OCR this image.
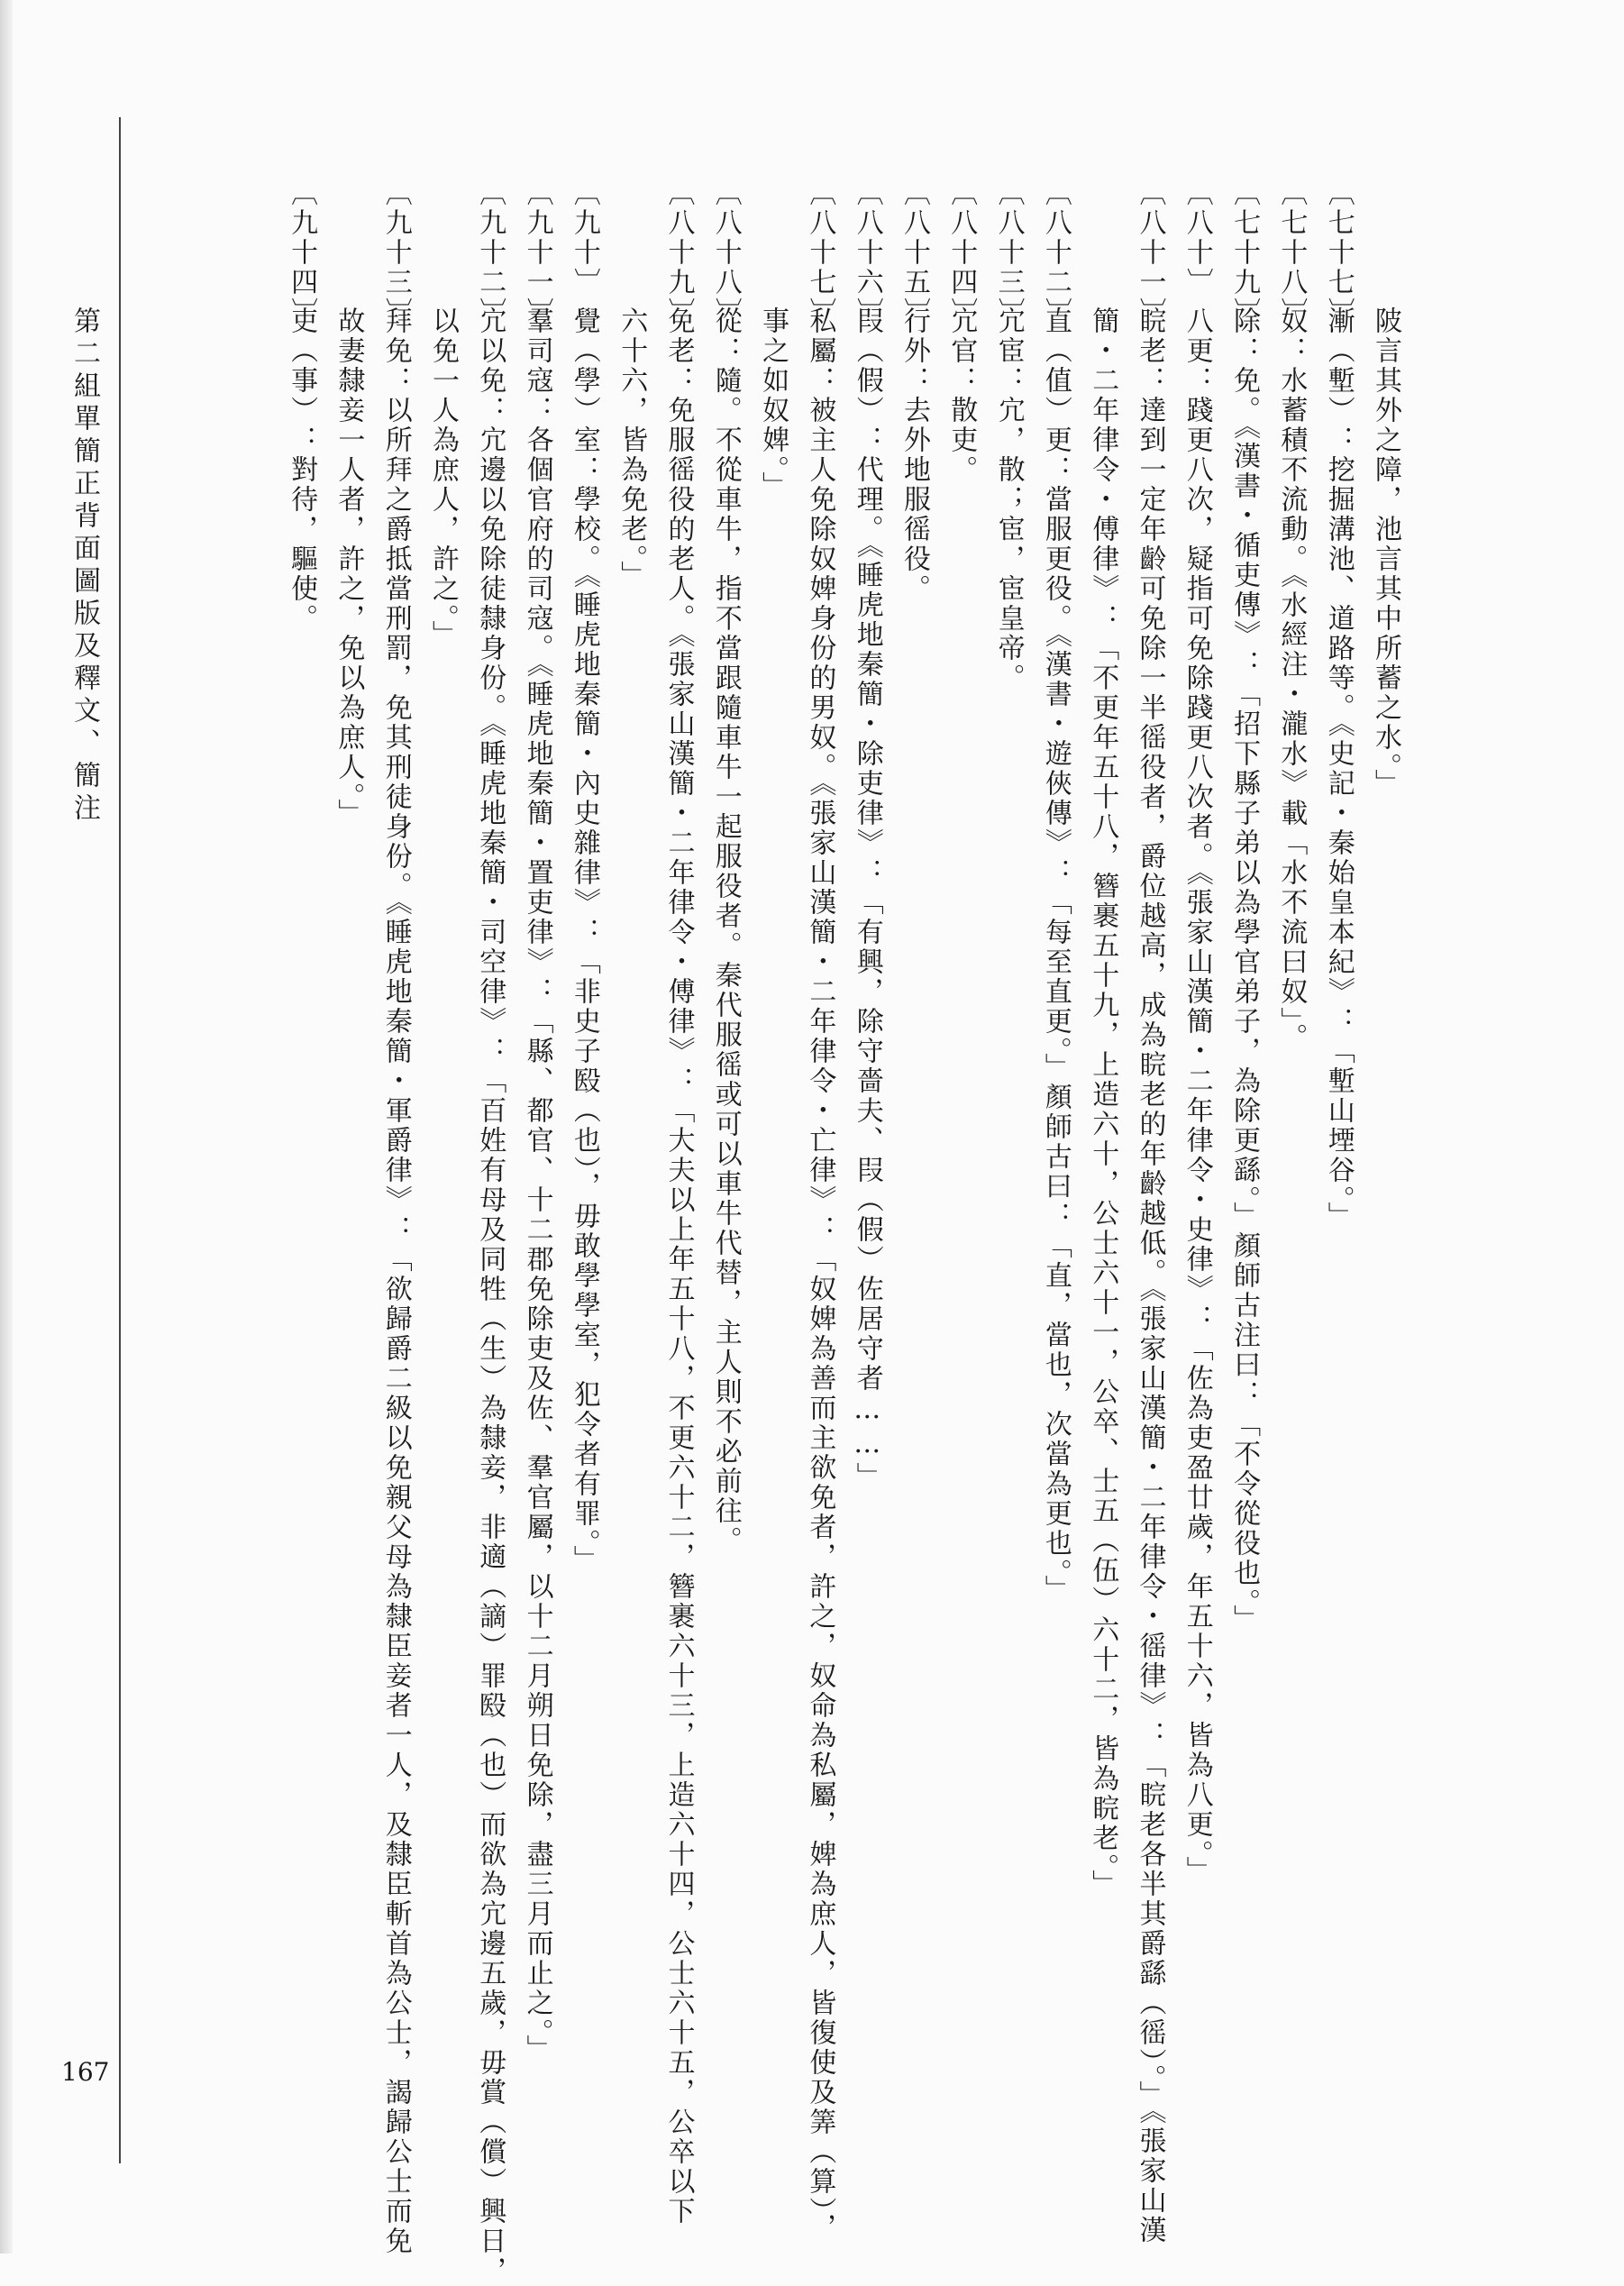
第二組單簡正背面圖版及釋文、簡注
167
陂言其外之障，池言其中所蓄之水。」
〔七十七〕
漸（塹）：挖掘溝池、道路等。《史記・秦始皇本紀》：「塹山堙谷。」
〔七十八〕
奴：水蓄積不流動。《水經注・瀧水》載「水不流曰奴」。
〔七十九〕
除：免。《漢書・循吏傳》：「招下縣子弟以為學官弟子，為除更繇。」顏師古注曰：「不令從役也。」
〔八十〕
八更：踐更八次，疑指可免除踐更八次者。《張家山漢簡・二年律令・史律》：「佐為吏盈廿歲，年五十六，皆為八更。」
〔八十一〕
睆老：達到一定年齡可免除一半徭役者，爵位越高，成為睆老的年齡越低。《張家山漢簡・二年律令・徭律》：「睆老各半其爵繇（徭）。」《張家山漢
簡・二年律令・傅律》：「不更年五十八，簪裹五十九，上造六十，公士六十一，公卒、士五（伍）六十二，皆為睆老。」
〔八十二〕
直（值）更：當服更役。《漢書・遊俠傳》：「每至直更。」顏師古曰：「直，當也，次當為更也。」
〔八十三〕
宂宦：宂，散；宦，宦皇帝。
〔八十四〕
宂官：散吏。
〔八十五〕
行外：去外地服徭役。
〔八十六〕
叚（假）：代理。《睡虎地秦簡・除吏律》：「有興，除守嗇夫、叚（假）佐居守者……」
〔八十七〕
私屬：被主人免除奴婢身份的男奴。《張家山漢簡・二年律令・亡律》：「奴婢為善而主欲免者，許之，奴命為私屬，婢為庶人，皆復使及筭（算），
事之如奴婢。」
〔八十八〕
從：隨。不從車牛，指不當跟隨車牛一起服役者。秦代服徭或可以車牛代替，主人則不必前往。
〔八十九〕
免老：免服徭役的老人。《張家山漢簡・二年律令・傅律》：「大夫以上年五十八，不更六十二，簪裹六十三，上造六十四，公士六十五，公卒以下
六十六，皆為免老。」
〔九十〕
覺（學）室：學校。《睡虎地秦簡・內史雜律》：「非史子殹（也），毋敢學學室，犯令者有罪。」
〔九十一〕
羣司寇：各個官府的司寇。《睡虎地秦簡・置吏律》：「縣、都官、十二郡免除吏及佐、羣官屬，以十二月朔日免除，盡三月而止之。」
〔九十二〕
宂以免：宂邊以免除徒隸身份。《睡虎地秦簡・司空律》：「百姓有母及同牲（生）為隸妾，非適（謫）罪殹（也）而欲為宂邊五歲，毋賞（償）興日，
以免一人為庶人，許之。」
〔九十三〕
拜免：以所拜之爵抵當刑罰，免其刑徒身份。《睡虎地秦簡・軍爵律》：「欲歸爵二級以免親父母為隸臣妾者一人，及隸臣斬首為公士，謁歸公士而免
故妻隸妾一人者，許之，免以為庶人。」
〔九十四〕
吏（事）：對待，驅使。
